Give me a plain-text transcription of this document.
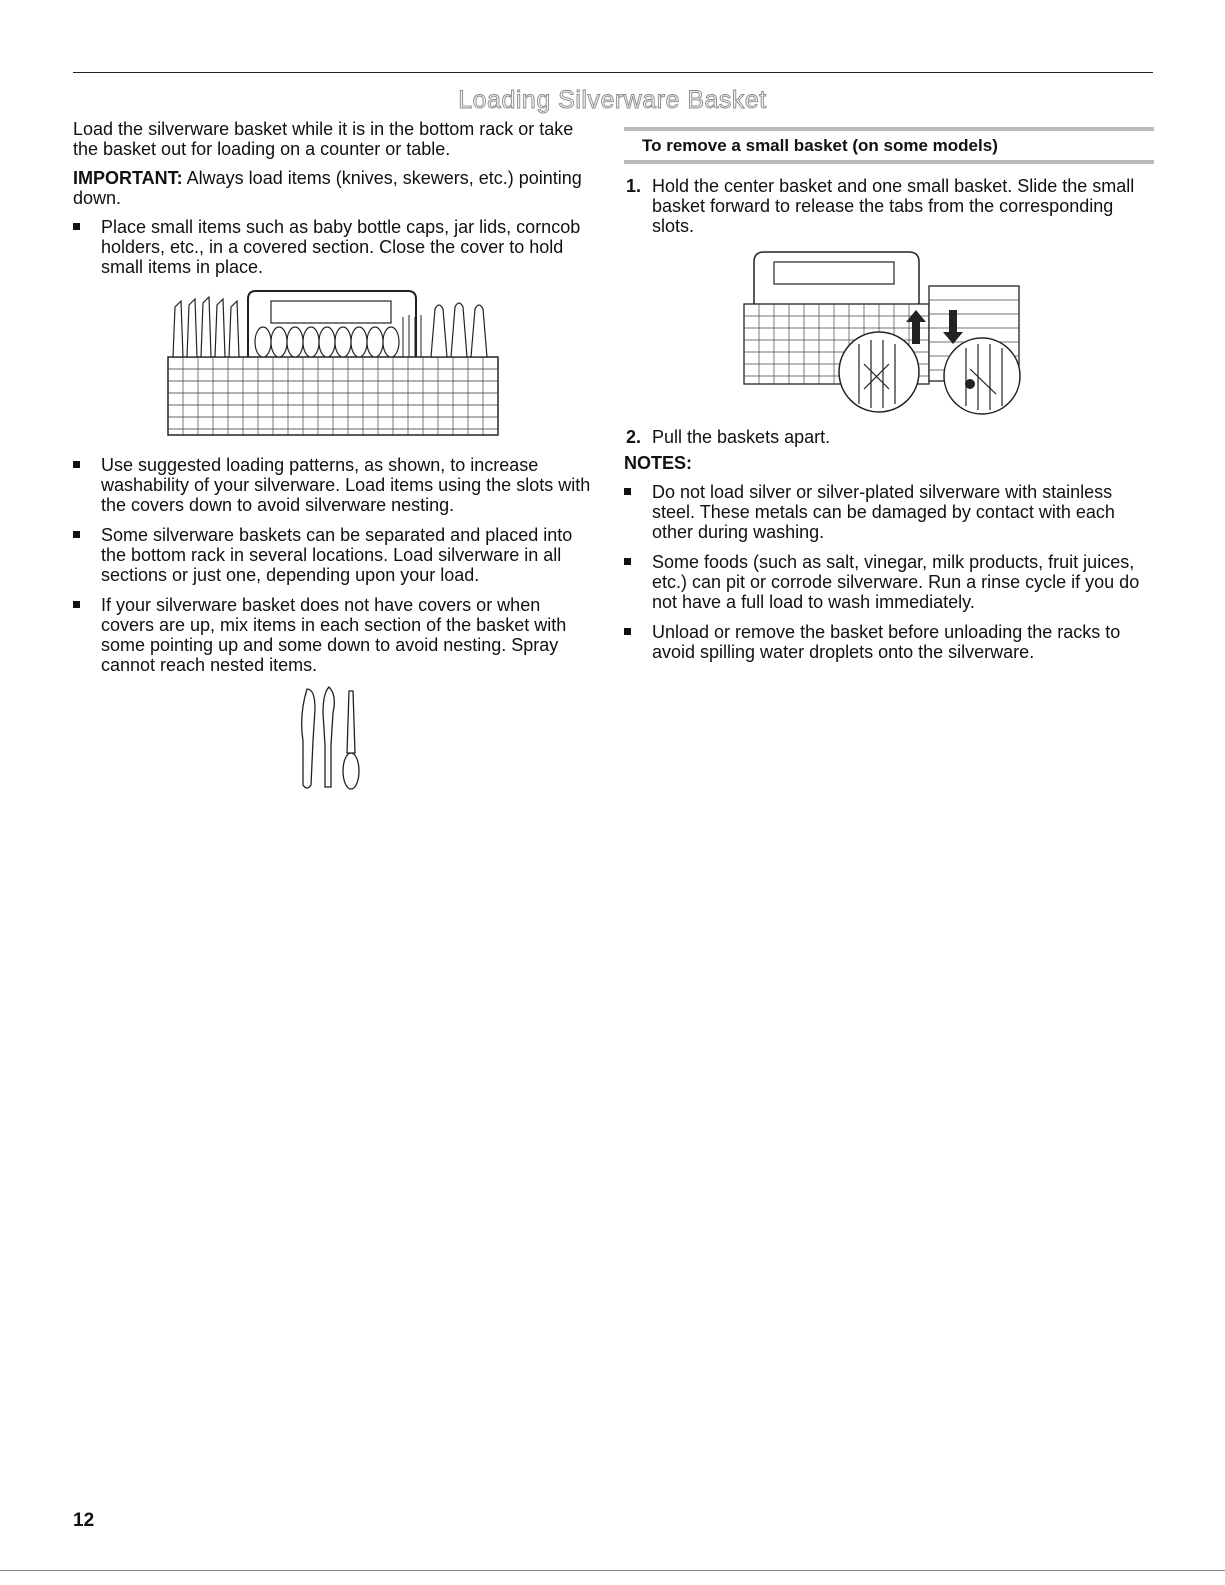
Loading Silverware Basket

Load the silverware basket while it is in the bottom rack or take the basket out for loading on a counter or table.

IMPORTANT: Always load items (knives, skewers, etc.) pointing down.

Place small items such as baby bottle caps, jar lids, corncob holders, etc., in a covered section. Close the cover to hold small items in place.
Use suggested loading patterns, as shown, to increase washability of your silverware. Load items using the slots with the covers down to avoid silverware nesting.
Some silverware baskets can be separated and placed into the bottom rack in several locations. Load silverware in all sections or just one, depending upon your load.
If your silverware basket does not have covers or when covers are up, mix items in each section of the basket with some pointing up and some down to avoid nesting. Spray cannot reach nested items.
To remove a small basket (on some models)
1. Hold the center basket and one small basket. Slide the small basket forward to release the tabs from the corresponding slots.
2. Pull the baskets apart.

NOTES:

Do not load silver or silver-plated silverware with stainless steel. These metals can be damaged by contact with each other during washing.
Some foods (such as salt, vinegar, milk products, fruit juices, etc.) can pit or corrode silverware. Run a rinse cycle if you do not have a full load to wash immediately.
Unload or remove the basket before unloading the racks to avoid spilling water droplets onto the silverware.
12
